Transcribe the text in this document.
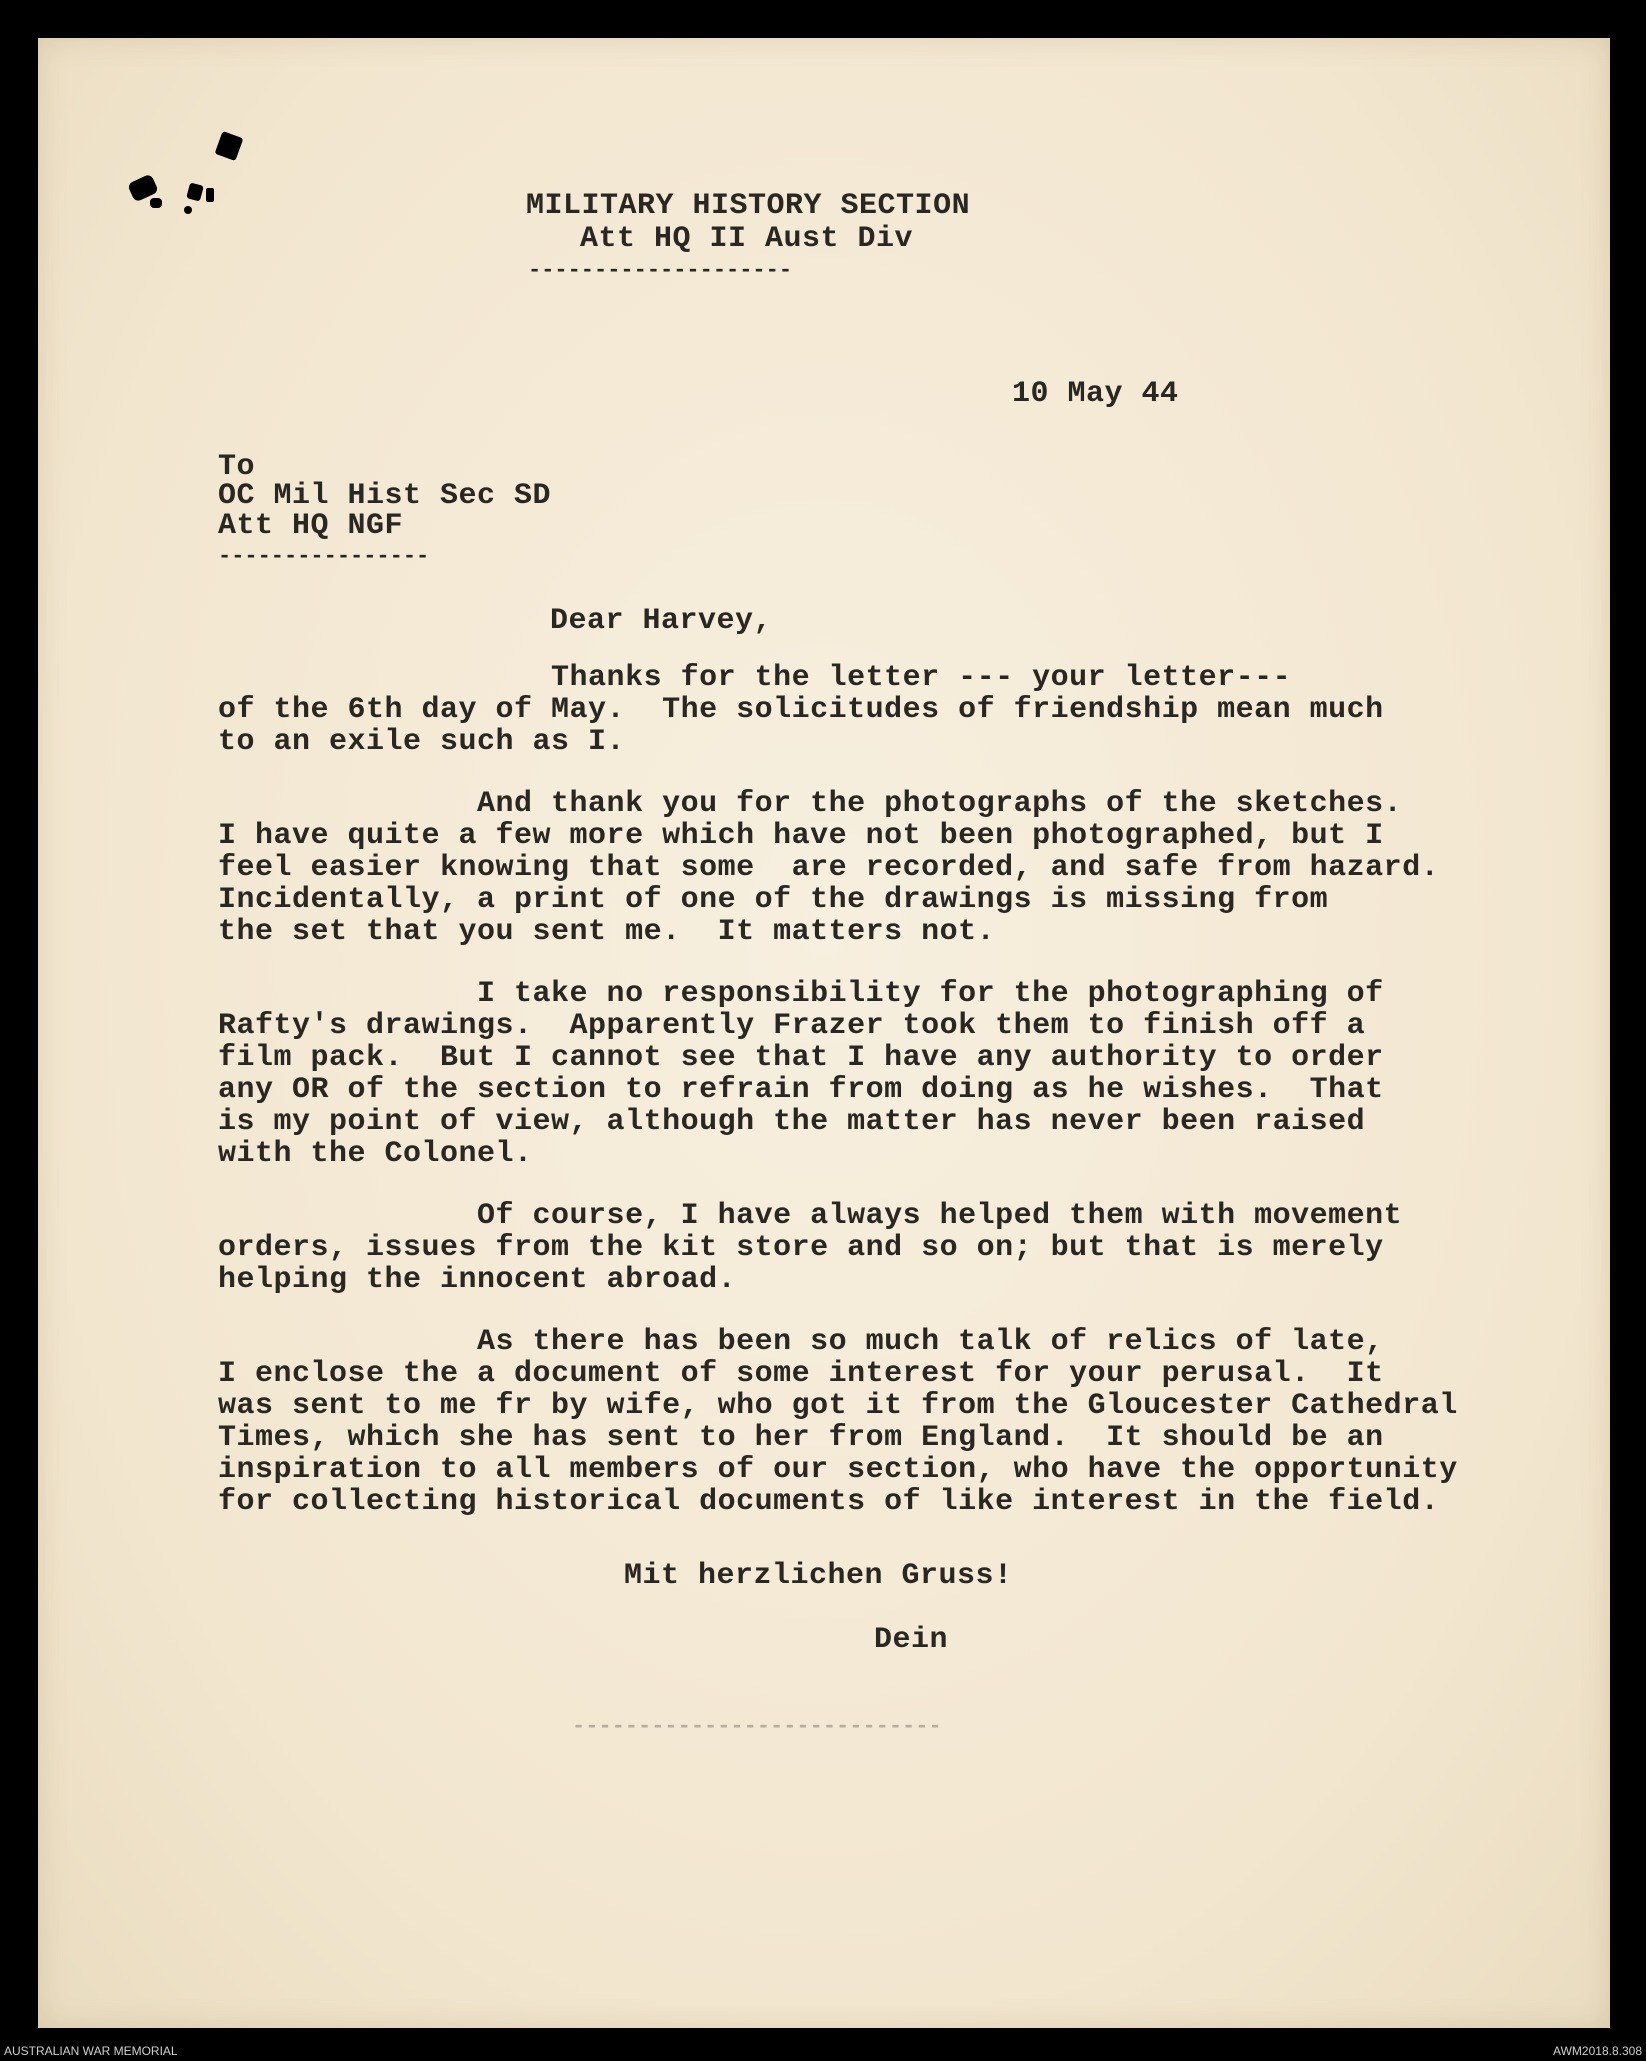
MILITARY HISTORY SECTION
Att HQ II Aust Div
--------------------
10 May 44
To
OC Mil Hist Sec SD
Att HQ NGF
----------------
Dear Harvey,
Thanks for the letter --- your letter---
of the 6th day of May.  The solicitudes of friendship mean much
to an exile such as I.
And thank you for the photographs of the sketches.
I have quite a few more which have not been photographed, but I
feel easier knowing that some  are recorded, and safe from hazard.
Incidentally, a print of one of the drawings is missing from
the set that you sent me.  It matters not.
I take no responsibility for the photographing of
Rafty's drawings.  Apparently Frazer took them to finish off a
film pack.  But I cannot see that I have any authority to order
any OR of the section to refrain from doing as he wishes.  That
is my point of view, although the matter has never been raised
with the Colonel.
Of course, I have always helped them with movement
orders, issues from the kit store and so on; but that is merely
helping the innocent abroad.
As there has been so much talk of relics of late,
I enclose the a document of some interest for your perusal.  It
was sent to me fr by wife, who got it from the Gloucester Cathedral
Times, which she has sent to her from England.  It should be an
inspiration to all members of our section, who have the opportunity
for collecting historical documents of like interest in the field.
Mit herzlichen Gruss!
Dein
----------------------------
AUSTRALIAN WAR MEMORIAL	AWM2018.8.308
